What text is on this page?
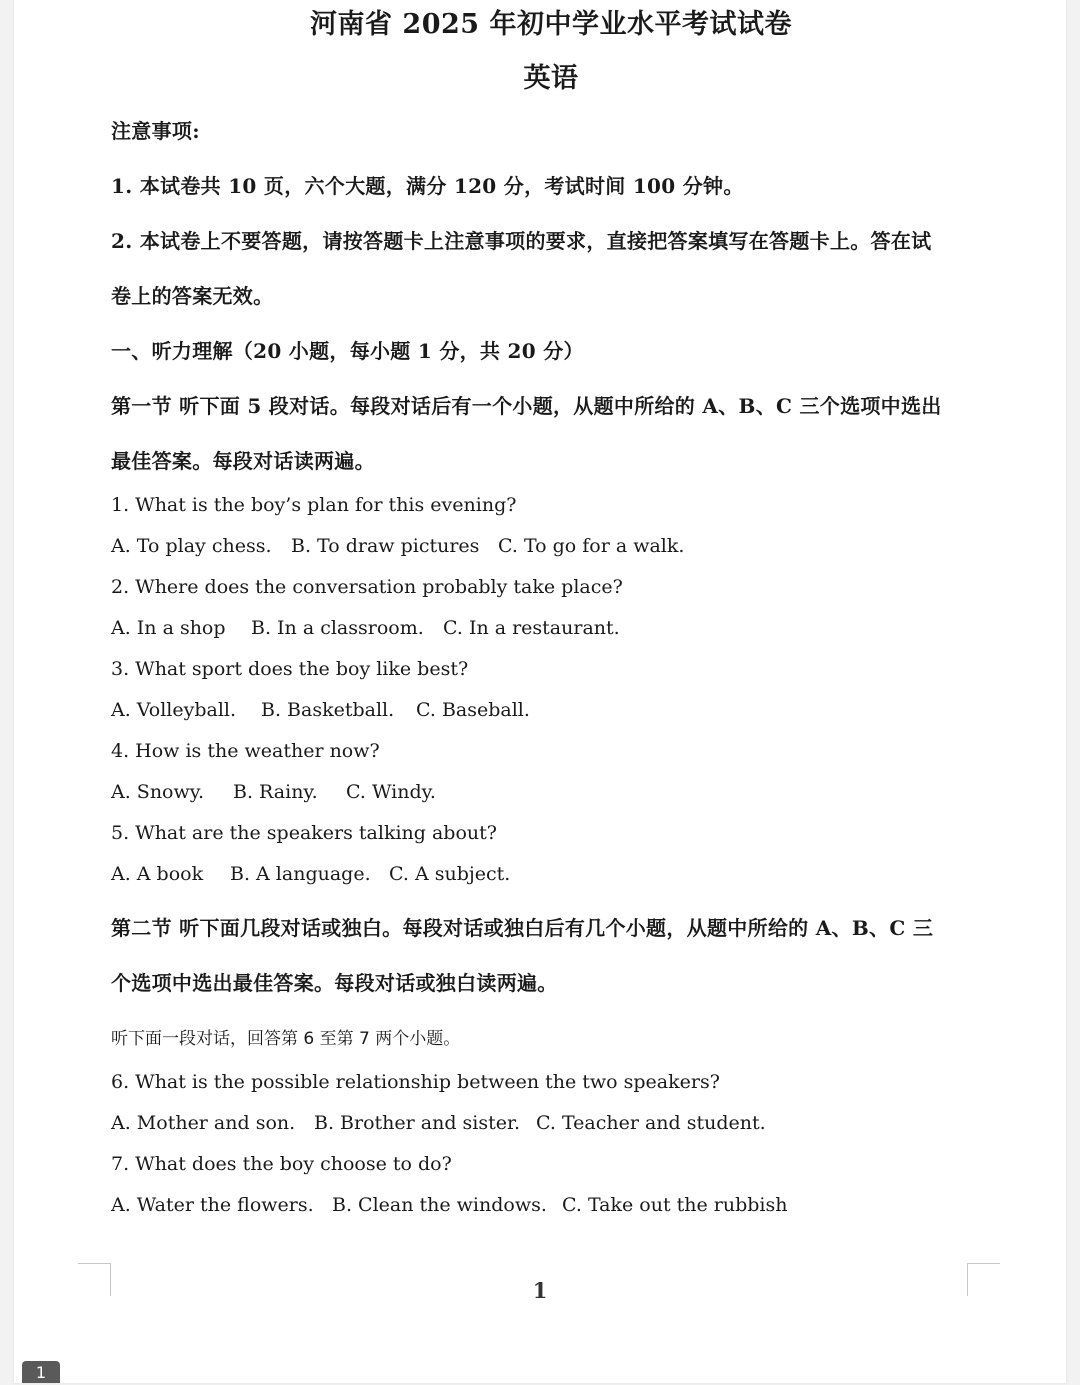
河南省 2025 年初中学业水平考试试卷
英语
注意事项:
1. 本试卷共 10 页，六个大题，满分 120 分，考试时间 100 分钟。
2. 本试卷上不要答题，请按答题卡上注意事项的要求，直接把答案填写在答题卡上。答在试
卷上的答案无效。
一、听力理解（20 小题，每小题 1 分，共 20 分）
第一节 听下面 5 段对话。每段对话后有一个小题，从题中所给的 A、B、C 三个选项中选出
最佳答案。每段对话读两遍。
1. What is the boy’s plan for this evening?
A. To play chess. B. To draw pictures C. To go for a walk.
2. Where does the conversation probably take place?
A. In a shop B. In a classroom. C. In a restaurant.
3. What sport does the boy like best?
A. Volleyball. B. Basketball. C. Baseball.
4. How is the weather now?
A. Snowy. B. Rainy. C. Windy.
5. What are the speakers talking about?
A. A book B. A language. C. A subject.
第二节 听下面几段对话或独白。每段对话或独白后有几个小题，从题中所给的 A、B、C 三
个选项中选出最佳答案。每段对话或独白读两遍。
听下面一段对话，回答第 6 至第 7 两个小题。
6. What is the possible relationship between the two speakers?
A. Mother and son. B. Brother and sister. C. Teacher and student.
7. What does the boy choose to do?
A. Water the flowers. B. Clean the windows. C. Take out the rubbish
1
1
